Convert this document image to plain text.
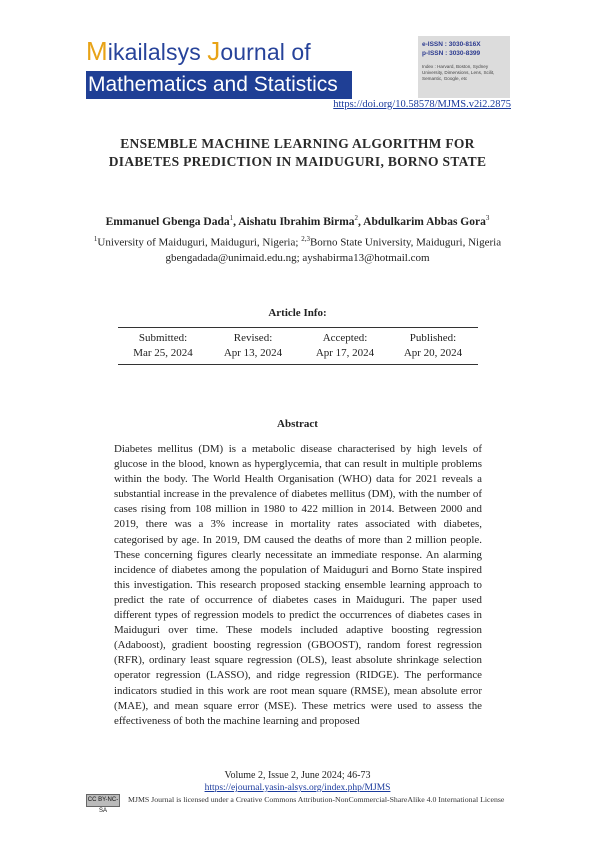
Mikailalsys Journal of
Mathematics and Statistics
e-ISSN : 3030-816X
p-ISSN : 3030-8399
Index : Harvard, Boston, Sydney University, Dimensions, Lens, Scilit, Semantic, Google, etc
https://doi.org/10.58578/MJMS.v2i2.2875
ENSEMBLE MACHINE LEARNING ALGORITHM FOR
DIABETES PREDICTION IN MAIDUGURI, BORNO STATE
Emmanuel Gbenga Dada$^1$, Aishatu Ibrahim Birma$^2$, Abdulkarim Abbas Gora$^3$
$^1$University of Maiduguri, Maiduguri, Nigeria; $^{2,3}$Borno State University, Maiduguri, Nigeria
gbengadada@unimaid.edu.ng; ayshabirma13@hotmail.com
Article Info:
Submitted:
Mar 25, 2024
Revised:
Apr 13, 2024
Accepted:
Apr 17, 2024
Published:
Apr 20, 2024
Abstract
Diabetes mellitus (DM) is a metabolic disease characterised by high levels of glucose in the blood, known as hyperglycemia, that can result in multiple problems within the body. The World Health Organisation (WHO) data for 2021 reveals a substantial increase in the prevalence of diabetes mellitus (DM), with the number of cases rising from 108 million in 1980 to 422 million in 2014. Between 2000 and 2019, there was a 3% increase in mortality rates associated with diabetes, categorised by age. In 2019, DM caused the deaths of more than 2 million people. These concerning figures clearly necessitate an immediate response. An alarming incidence of diabetes among the population of Maiduguri and Borno State inspired this investigation. This research proposed stacking ensemble learning approach to predict the rate of occurrence of diabetes cases in Maiduguri. The paper used different types of regression models to predict the occurrences of diabetes cases in Maiduguri over time. These models included adaptive boosting regression (Adaboost), gradient boosting regression (GBOOST), random forest regression (RFR), ordinary least square regression (OLS), least absolute shrinkage selection operator regression (LASSO), and ridge regression (RIDGE). The performance indicators studied in this work are root mean square (RMSE), mean absolute error (MAE), and mean square error (MSE). These metrics were used to assess the effectiveness of both the machine learning and proposed
Volume 2, Issue 2, June 2024; 46-73
https://ejournal.yasin-alsys.org/index.php/MJMS
CC BY-NC-SA
MJMS Journal is licensed under a Creative Commons Attribution-NonCommercial-ShareAlike 4.0 International License
